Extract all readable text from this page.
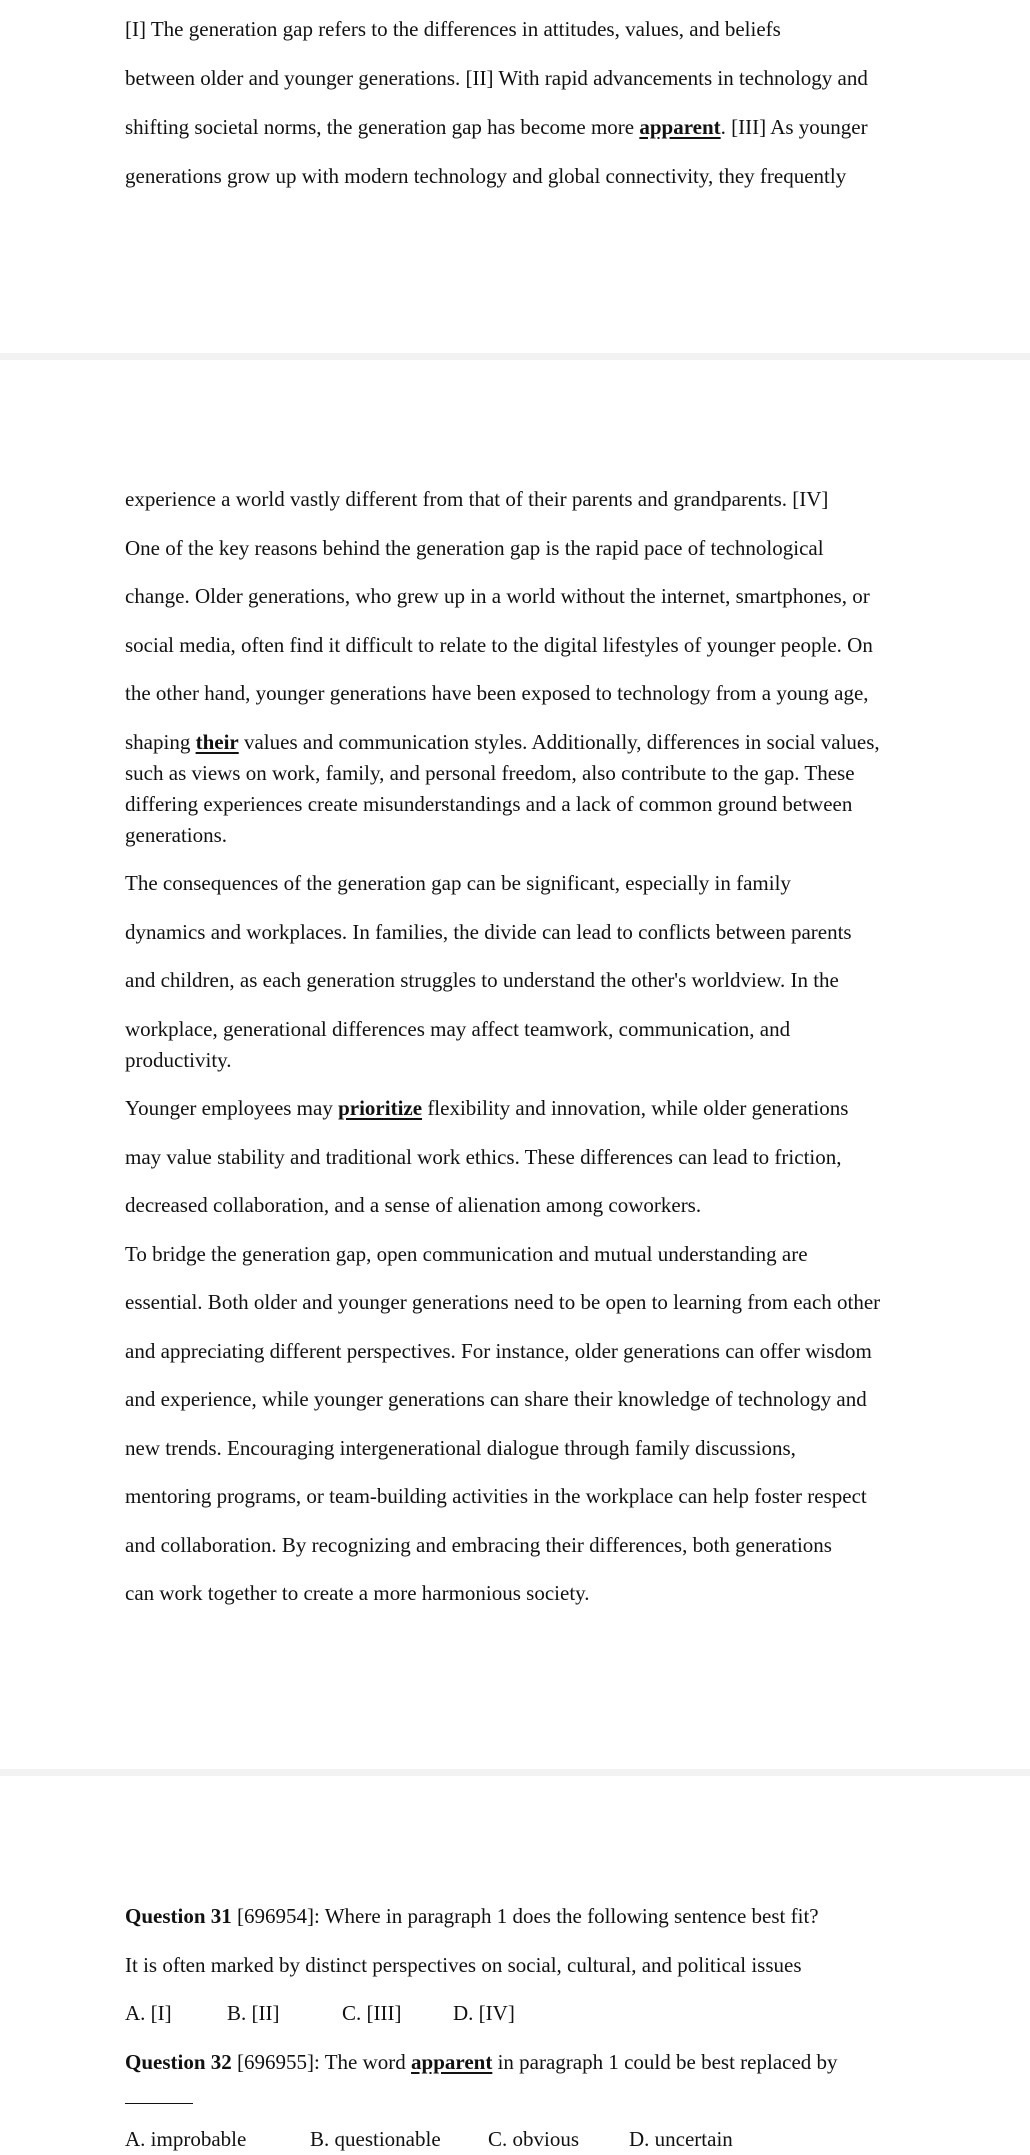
[I] The generation gap refers to the differences in attitudes, values, and beliefs

between older and younger generations. [II] With rapid advancements in technology and

shifting societal norms, the generation gap has become more apparent. [III] As younger

generations grow up with modern technology and global connectivity, they frequently

experience a world vastly different from that of their parents and grandparents. [IV]

One of the key reasons behind the generation gap is the rapid pace of technological

change. Older generations, who grew up in a world without the internet, smartphones, or

social media, often find it difficult to relate to the digital lifestyles of younger people. On

the other hand, younger generations have been exposed to technology from a young age,

shaping their values and communication styles. Additionally, differences in social values,

such as views on work, family, and personal freedom, also contribute to the gap. These

differing experiences create misunderstandings and a lack of common ground between

generations.

The consequences of the generation gap can be significant, especially in family

dynamics and workplaces. In families, the divide can lead to conflicts between parents

and children, as each generation struggles to understand the other's worldview. In the

workplace, generational differences may affect teamwork, communication, and

productivity.

Younger employees may prioritize flexibility and innovation, while older generations

may value stability and traditional work ethics. These differences can lead to friction,

decreased collaboration, and a sense of alienation among coworkers.

To bridge the generation gap, open communication and mutual understanding are

essential. Both older and younger generations need to be open to learning from each other

and appreciating different perspectives. For instance, older generations can offer wisdom

and experience, while younger generations can share their knowledge of technology and

new trends. Encouraging intergenerational dialogue through family discussions,

mentoring programs, or team-building activities in the workplace can help foster respect

and collaboration. By recognizing and embracing their differences, both generations

can work together to create a more harmonious society.

Question 31 [696954]: Where in paragraph 1 does the following sentence best fit?

It is often marked by distinct perspectives on social, cultural, and political issues

A. [I]	B. [II]	C. [III] D. [IV]

Question 32 [696955]: The word apparent in paragraph 1 could be best replaced by

A. improbable	B. questionable C. obvious D. uncertain
